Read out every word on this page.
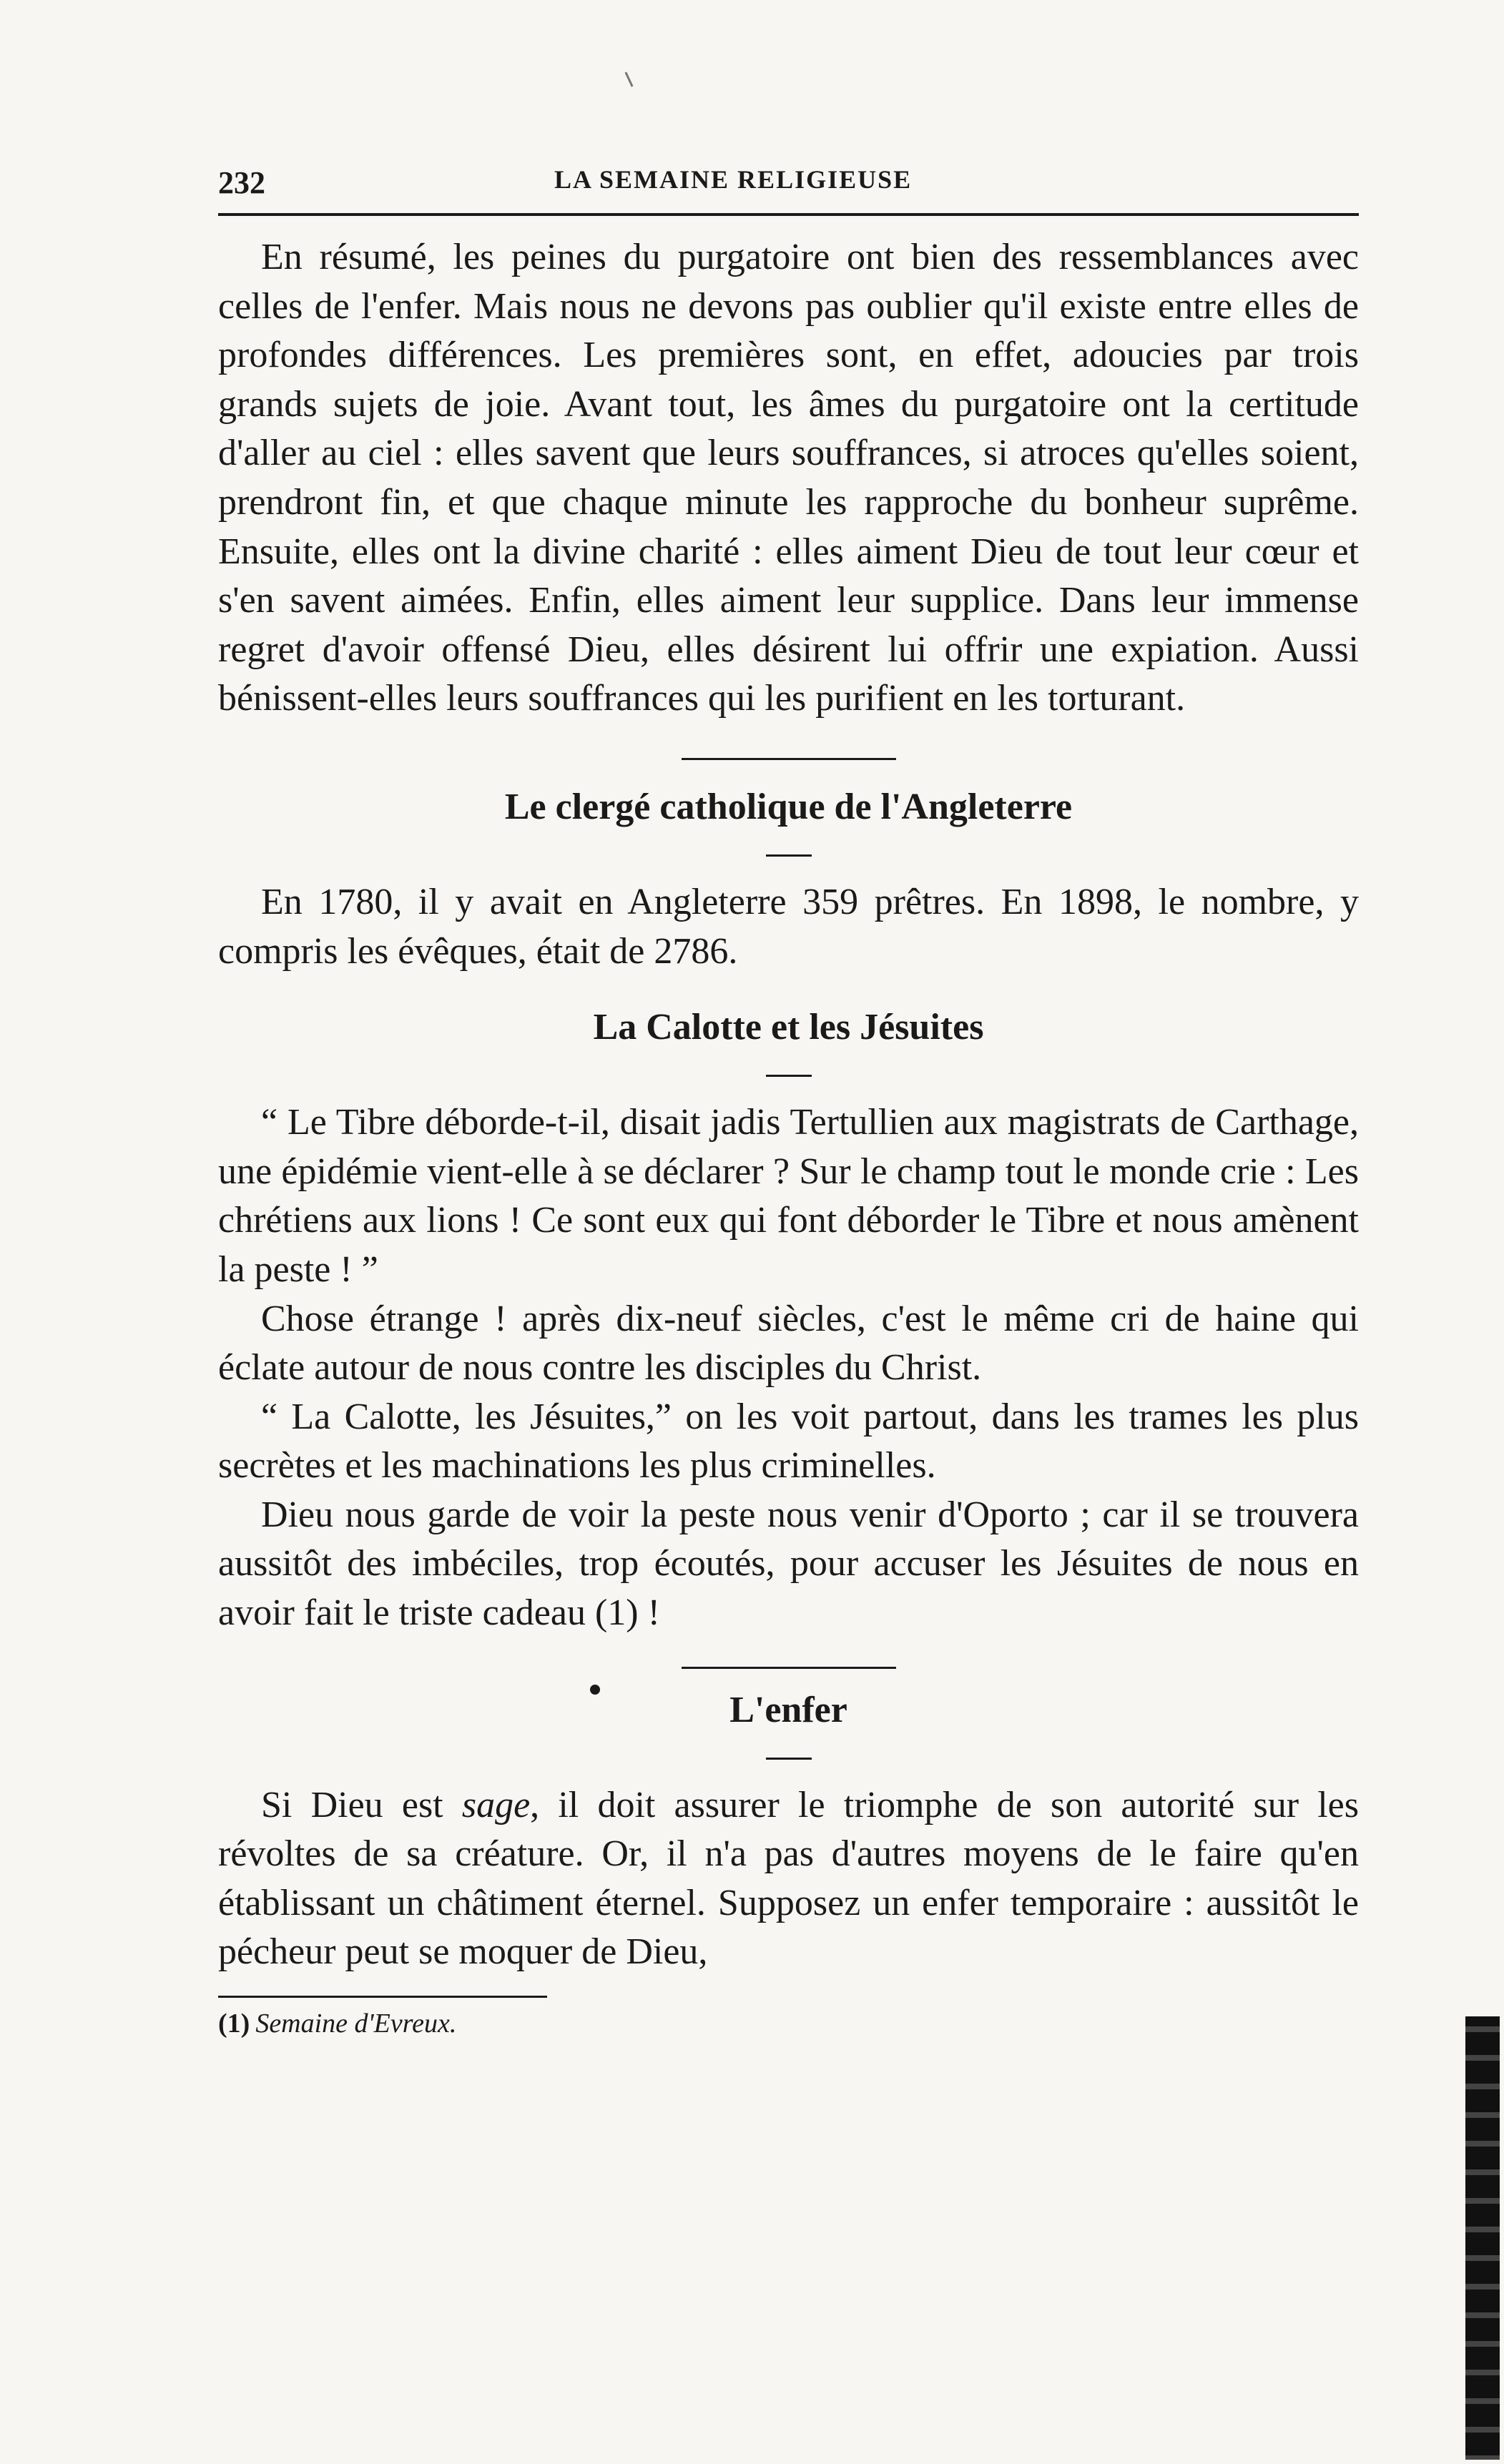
232	LA SEMAINE RELIGIEUSE

En résumé, les peines du purgatoire ont bien des ressemblances avec celles de l'enfer. Mais nous ne devons pas oublier qu'il existe entre elles de profondes différences. Les premières sont, en effet, adoucies par trois grands sujets de joie. Avant tout, les âmes du purgatoire ont la certitude d'aller au ciel : elles savent que leurs souffrances, si atroces qu'elles soient, prendront fin, et que chaque minute les rapproche du bonheur suprême. Ensuite, elles ont la divine charité : elles aiment Dieu de tout leur cœur et s'en savent aimées. Enfin, elles aiment leur supplice. Dans leur immense regret d'avoir offensé Dieu, elles désirent lui offrir une expiation. Aussi bénissent-elles leurs souffrances qui les purifient en les torturant.

Le clergé catholique de l'Angleterre

En 1780, il y avait en Angleterre 359 prêtres. En 1898, le nombre, y compris les évêques, était de 2786.

La Calotte et les Jésuites

“ Le Tibre déborde-t-il, disait jadis Tertullien aux magistrats de Carthage, une épidémie vient-elle à se déclarer ? Sur le champ tout le monde crie : Les chrétiens aux lions ! Ce sont eux qui font déborder le Tibre et nous amènent la peste ! ”

Chose étrange ! après dix-neuf siècles, c'est le même cri de haine qui éclate autour de nous contre les disciples du Christ.

“ La Calotte, les Jésuites,” on les voit partout, dans les trames les plus secrètes et les machinations les plus criminelles.

Dieu nous garde de voir la peste nous venir d'Oporto ; car il se trouvera aussitôt des imbéciles, trop écoutés, pour accuser les Jésuites de nous en avoir fait le triste cadeau (1) !

L'enfer

Si Dieu est sage, il doit assurer le triomphe de son autorité sur les révoltes de sa créature. Or, il n'a pas d'autres moyens de le faire qu'en établissant un châtiment éternel. Supposez un enfer temporaire : aussitôt le pécheur peut se moquer de Dieu,

(1) Semaine d'Evreux.
